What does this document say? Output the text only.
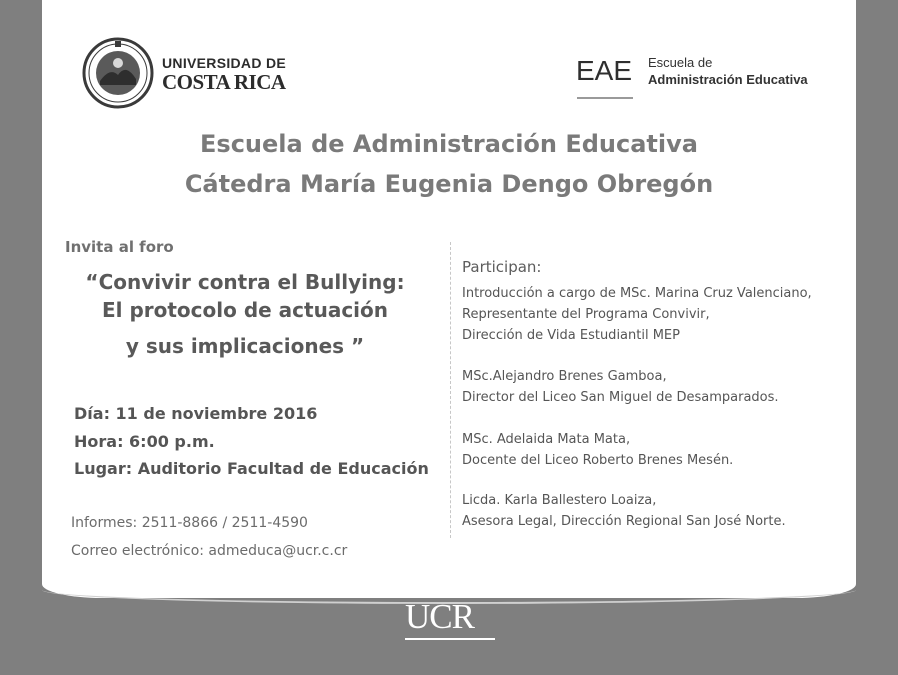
UNIVERSIDAD DE
COSTA RICA	EAE Escuela de
Administración Educativa
Escuela de Administración Educativa
Cátedra María Eugenia Dengo Obregón
Invita al foro
“Convivir contra el Bullying:
El protocolo de actuación
y sus implicaciones ”
Día: 11 de noviembre 2016
Hora: 6:00 p.m.
Lugar: Auditorio Facultad de Educación
Informes: 2511-8866 / 2511-4590
Correo electrónico: admeduca@ucr.c.cr
Participan:
Introducción a cargo de MSc. Marina Cruz Valenciano,
Representante del Programa Convivir,
Dirección de Vida Estudiantil MEP
MSc.Alejandro Brenes Gamboa,
Director del Liceo San Miguel de Desamparados.
MSc. Adelaida Mata Mata,
Docente del Liceo Roberto Brenes Mesén.
Licda. Karla Ballestero Loaiza,
Asesora Legal, Dirección Regional San José Norte.
UCR
